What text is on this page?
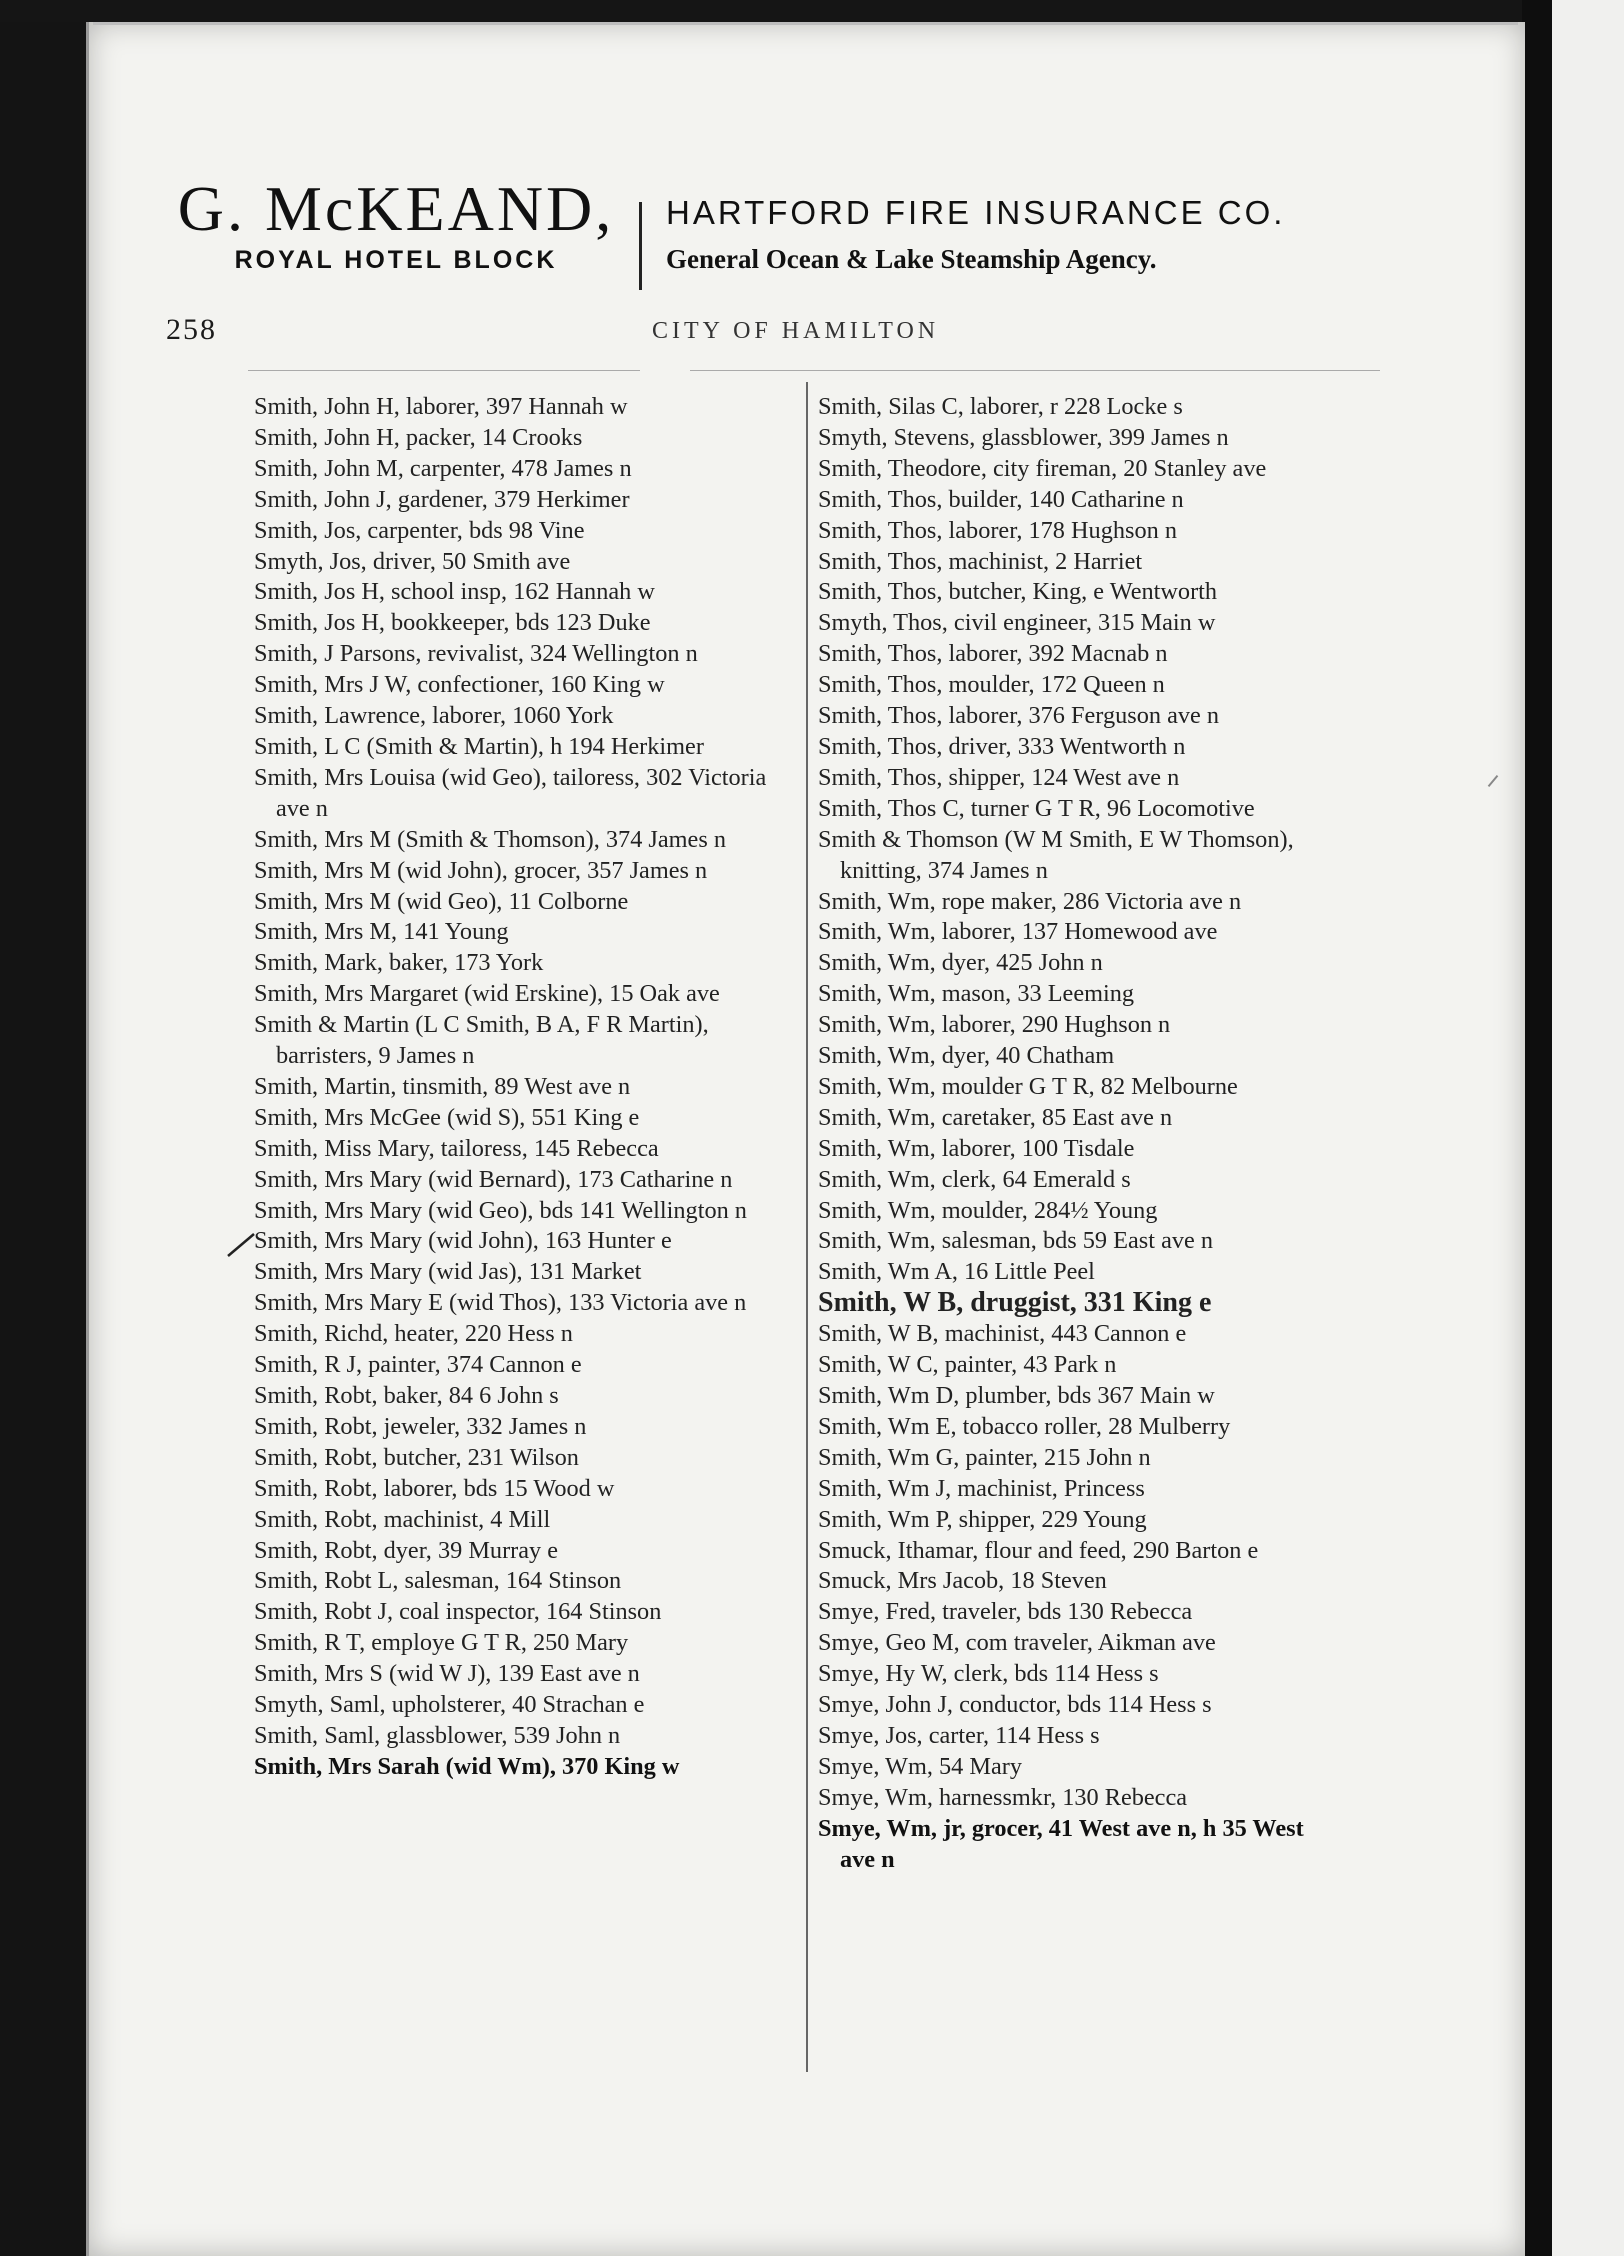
G. McKEAND,
ROYAL HOTEL BLOCK
HARTFORD FIRE INSURANCE CO.
General Ocean & Lake Steamship Agency.
258	CITY OF HAMILTON
Smith, John H, laborer, 397 Hannah w
Smith, John H, packer, 14 Crooks
Smith, John M, carpenter, 478 James n
Smith, John J, gardener, 379 Herkimer
Smith, Jos, carpenter, bds 98 Vine
Smyth, Jos, driver, 50 Smith ave
Smith, Jos H, school insp, 162 Hannah w
Smith, Jos H, bookkeeper, bds 123 Duke
Smith, J Parsons, revivalist, 324 Wellington n
Smith, Mrs J W, confectioner, 160 King w
Smith, Lawrence, laborer, 1060 York
Smith, L C (Smith & Martin), h 194 Herkimer
Smith, Mrs Louisa (wid Geo), tailoress, 302 Victoria ave n
Smith, Mrs M (Smith & Thomson), 374 James n
Smith, Mrs M (wid John), grocer, 357 James n
Smith, Mrs M (wid Geo), 11 Colborne
Smith, Mrs M, 141 Young
Smith, Mark, baker, 173 York
Smith, Mrs Margaret (wid Erskine), 15 Oak ave
Smith & Martin (L C Smith, B A, F R Martin), barristers, 9 James n
Smith, Martin, tinsmith, 89 West ave n
Smith, Mrs McGee (wid S), 551 King e
Smith, Miss Mary, tailoress, 145 Rebecca
Smith, Mrs Mary (wid Bernard), 173 Catharine n
Smith, Mrs Mary (wid Geo), bds 141 Wellington n
Smith, Mrs Mary (wid John), 163 Hunter e
Smith, Mrs Mary (wid Jas), 131 Market
Smith, Mrs Mary E (wid Thos), 133 Victoria ave n
Smith, Richd, heater, 220 Hess n
Smith, R J, painter, 374 Cannon e
Smith, Robt, baker, 84 6 John s
Smith, Robt, jeweler, 332 James n
Smith, Robt, butcher, 231 Wilson
Smith, Robt, laborer, bds 15 Wood w
Smith, Robt, machinist, 4 Mill
Smith, Robt, dyer, 39 Murray e
Smith, Robt L, salesman, 164 Stinson
Smith, Robt J, coal inspector, 164 Stinson
Smith, R T, employe G T R, 250 Mary
Smith, Mrs S (wid W J), 139 East ave n
Smyth, Saml, upholsterer, 40 Strachan e
Smith, Saml, glassblower, 539 John n
Smith, Mrs Sarah (wid Wm), 370 King w
Smith, Silas C, laborer, r 228 Locke s
Smyth, Stevens, glassblower, 399 James n
Smith, Theodore, city fireman, 20 Stanley ave
Smith, Thos, builder, 140 Catharine n
Smith, Thos, laborer, 178 Hughson n
Smith, Thos, machinist, 2 Harriet
Smith, Thos, butcher, King, e Wentworth
Smyth, Thos, civil engineer, 315 Main w
Smith, Thos, laborer, 392 Macnab n
Smith, Thos, moulder, 172 Queen n
Smith, Thos, laborer, 376 Ferguson ave n
Smith, Thos, driver, 333 Wentworth n
Smith, Thos, shipper, 124 West ave n
Smith, Thos C, turner G T R, 96 Locomotive
Smith & Thomson (W M Smith, E W Thomson), knitting, 374 James n
Smith, Wm, rope maker, 286 Victoria ave n
Smith, Wm, laborer, 137 Homewood ave
Smith, Wm, dyer, 425 John n
Smith, Wm, mason, 33 Leeming
Smith, Wm, laborer, 290 Hughson n
Smith, Wm, dyer, 40 Chatham
Smith, Wm, moulder G T R, 82 Melbourne
Smith, Wm, caretaker, 85 East ave n
Smith, Wm, laborer, 100 Tisdale
Smith, Wm, clerk, 64 Emerald s
Smith, Wm, moulder, 284½ Young
Smith, Wm, salesman, bds 59 East ave n
Smith, Wm A, 16 Little Peel
Smith, W B, druggist, 331 King e
Smith, W B, machinist, 443 Cannon e
Smith, W C, painter, 43 Park n
Smith, Wm D, plumber, bds 367 Main w
Smith, Wm E, tobacco roller, 28 Mulberry
Smith, Wm G, painter, 215 John n
Smith, Wm J, machinist, Princess
Smith, Wm P, shipper, 229 Young
Smuck, Ithamar, flour and feed, 290 Barton e
Smuck, Mrs Jacob, 18 Steven
Smye, Fred, traveler, bds 130 Rebecca
Smye, Geo M, com traveler, Aikman ave
Smye, Hy W, clerk, bds 114 Hess s
Smye, John J, conductor, bds 114 Hess s
Smye, Jos, carter, 114 Hess s
Smye, Wm, 54 Mary
Smye, Wm, harnessmkr, 130 Rebecca
Smye, Wm, jr, grocer, 41 West ave n, h 35 West ave n
